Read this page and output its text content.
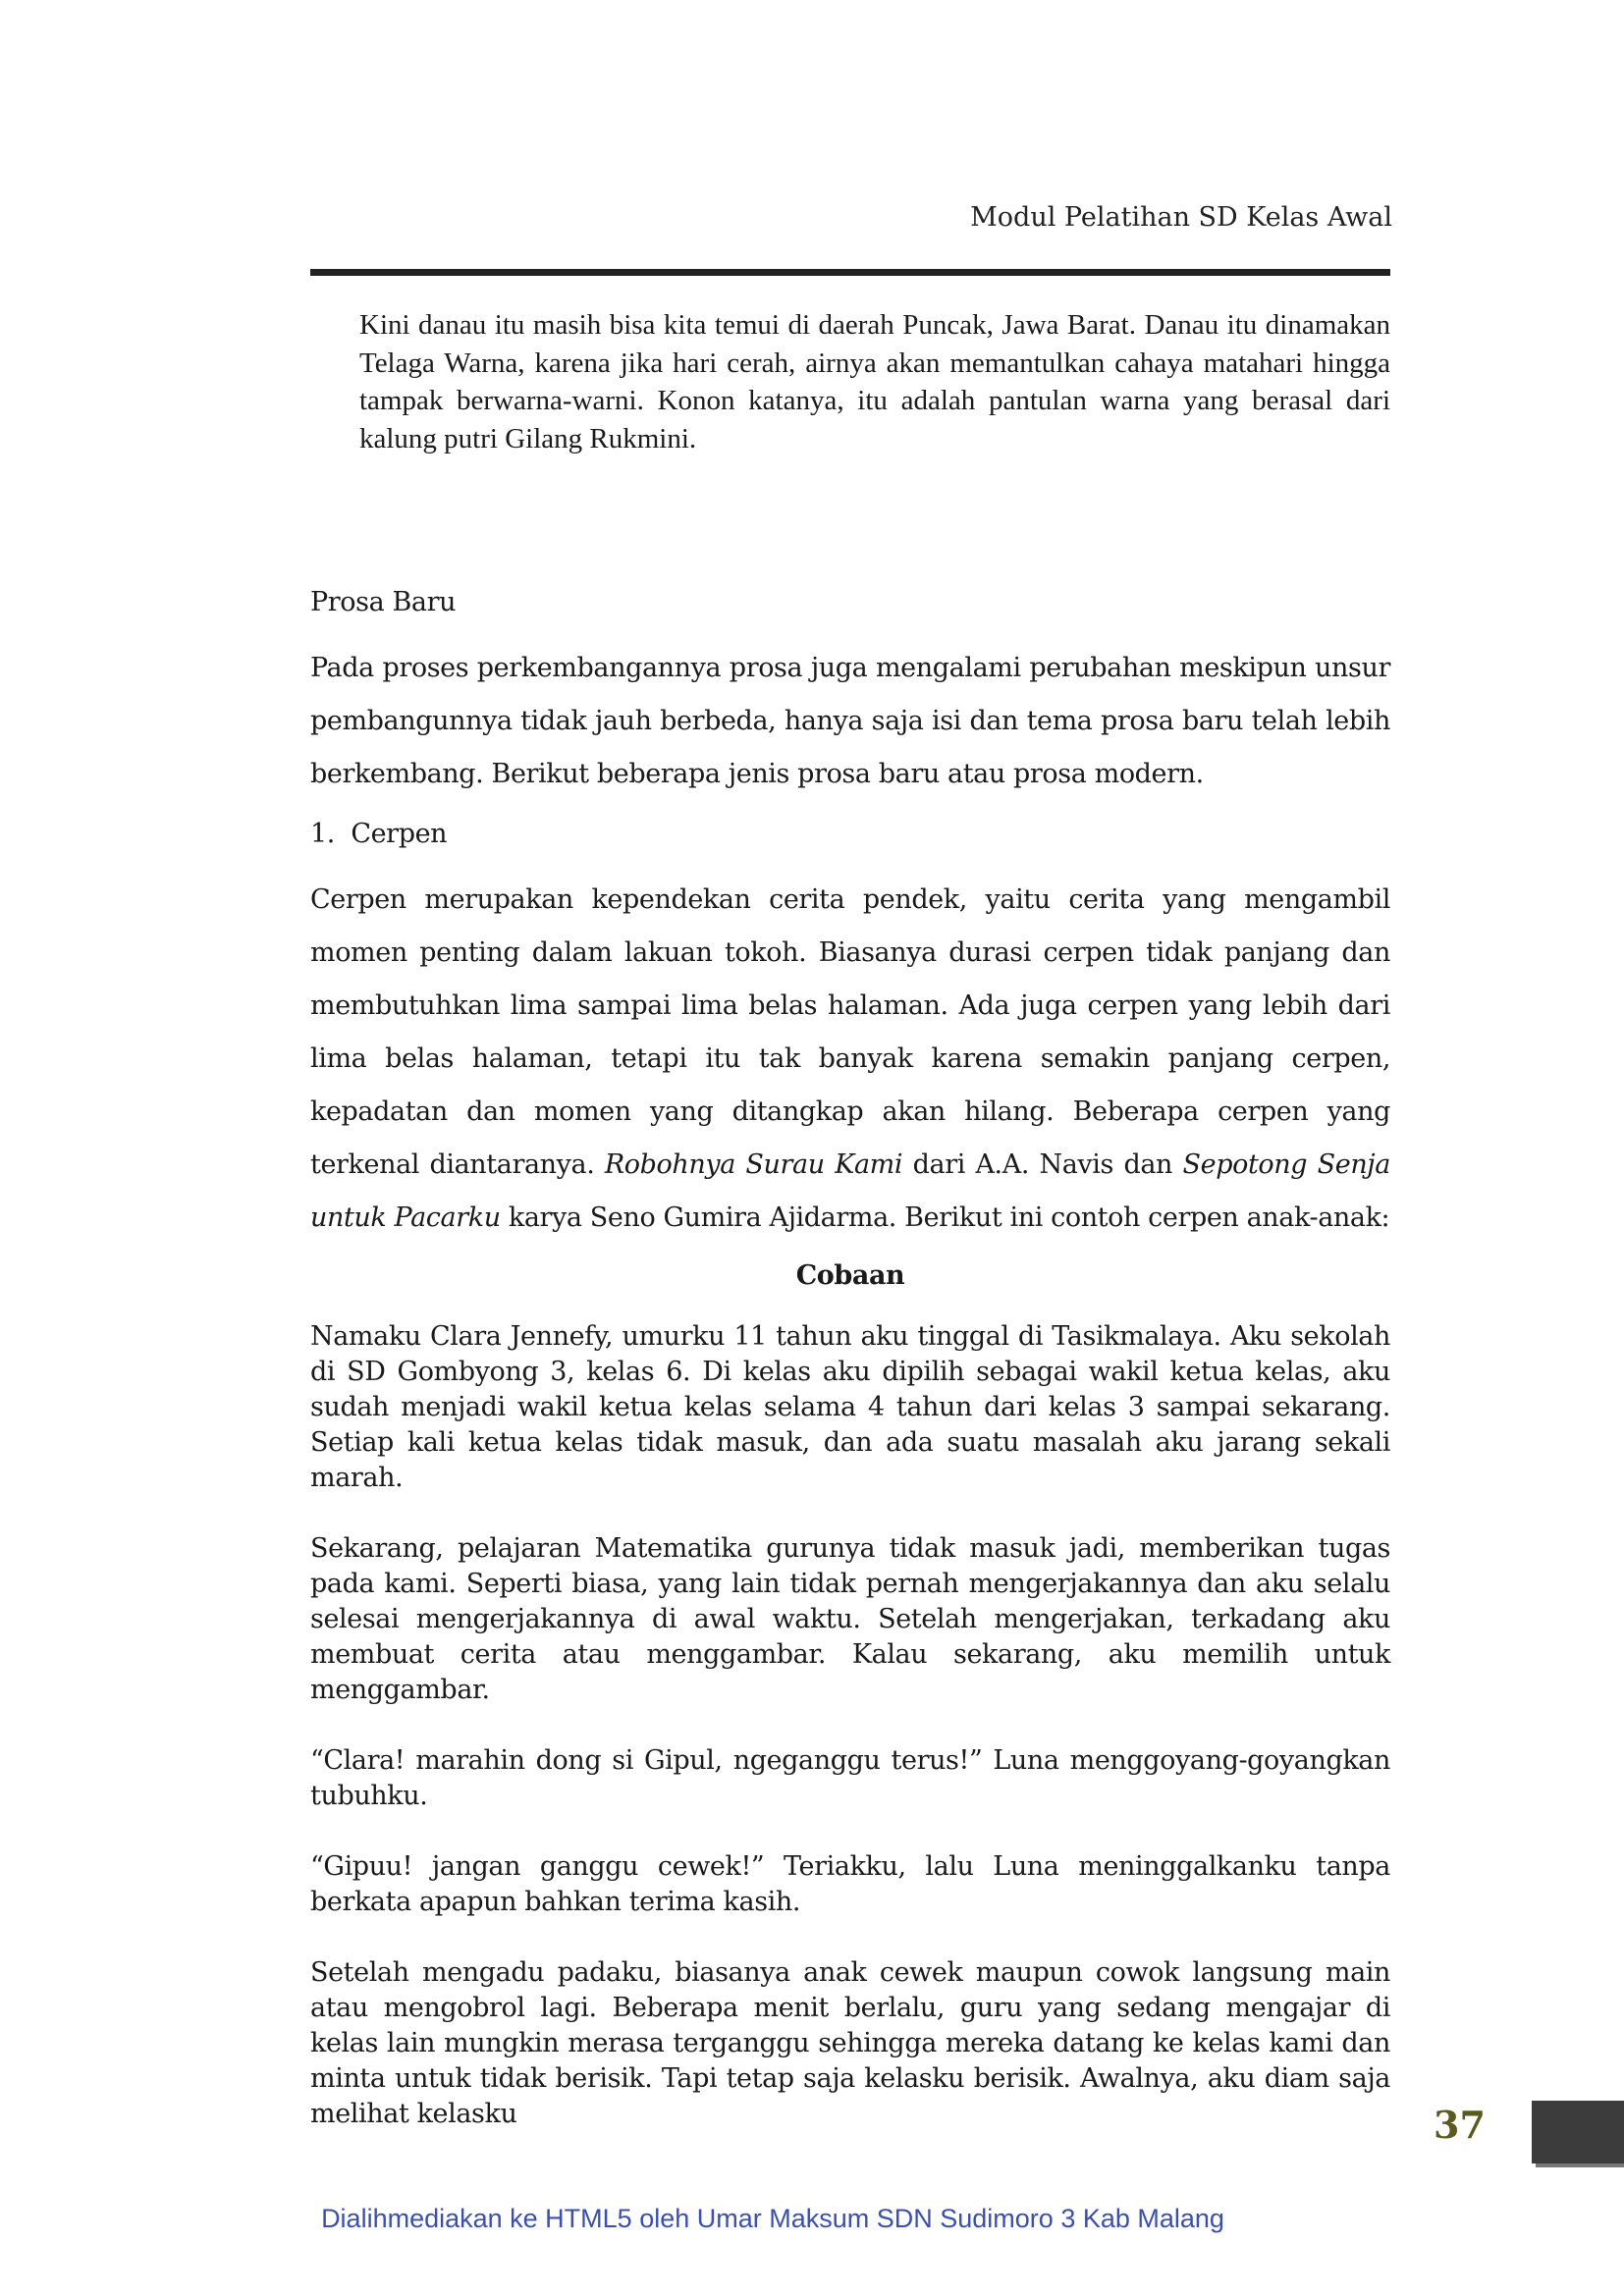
Modul Pelatihan SD Kelas Awal

Kini danau itu masih bisa kita temui di daerah Puncak, Jawa Barat. Danau itu dinamakan Telaga Warna, karena jika hari cerah, airnya akan memantulkan cahaya matahari hingga tampak berwarna-warni. Konon katanya, itu adalah pantulan warna yang berasal dari kalung putri Gilang Rukmini.

Prosa Baru

Pada proses perkembangannya prosa juga mengalami perubahan meskipun unsur pembangunnya tidak jauh berbeda, hanya saja isi dan tema prosa baru telah lebih berkembang. Berikut beberapa jenis prosa baru atau prosa modern.

1. Cerpen

Cerpen merupakan kependekan cerita pendek, yaitu cerita yang mengambil momen penting dalam lakuan tokoh. Biasanya durasi cerpen tidak panjang dan membutuhkan lima sampai lima belas halaman. Ada juga cerpen yang lebih dari lima belas halaman, tetapi itu tak banyak karena semakin panjang cerpen, kepadatan dan momen yang ditangkap akan hilang. Beberapa cerpen yang terkenal diantaranya. Robohnya Surau Kami dari A.A. Navis dan Sepotong Senja untuk Pacarku karya Seno Gumira Ajidarma. Berikut ini contoh cerpen anak-anak:

Cobaan

Namaku Clara Jennefy, umurku 11 tahun aku tinggal di Tasikmalaya. Aku sekolah di SD Gombyong 3, kelas 6. Di kelas aku dipilih sebagai wakil ketua kelas, aku sudah menjadi wakil ketua kelas selama 4 tahun dari kelas 3 sampai sekarang. Setiap kali ketua kelas tidak masuk, dan ada suatu masalah aku jarang sekali marah.

Sekarang, pelajaran Matematika gurunya tidak masuk jadi, memberikan tugas pada kami. Seperti biasa, yang lain tidak pernah mengerjakannya dan aku selalu selesai mengerjakannya di awal waktu. Setelah mengerjakan, terkadang aku membuat cerita atau menggambar. Kalau sekarang, aku memilih untuk menggambar.

“Clara! marahin dong si Gipul, ngeganggu terus!” Luna menggoyang-goyangkan tubuhku.

“Gipuu! jangan ganggu cewek!” Teriakku, lalu Luna meninggalkanku tanpa berkata apapun bahkan terima kasih.

Setelah mengadu padaku, biasanya anak cewek maupun cowok langsung main atau mengobrol lagi. Beberapa menit berlalu, guru yang sedang mengajar di kelas lain mungkin merasa terganggu sehingga mereka datang ke kelas kami dan minta untuk tidak berisik. Tapi tetap saja kelasku berisik. Awalnya, aku diam saja melihat kelasku	37
Dialihmediakan ke HTML5 oleh Umar Maksum SDN Sudimoro 3 Kab Malang
